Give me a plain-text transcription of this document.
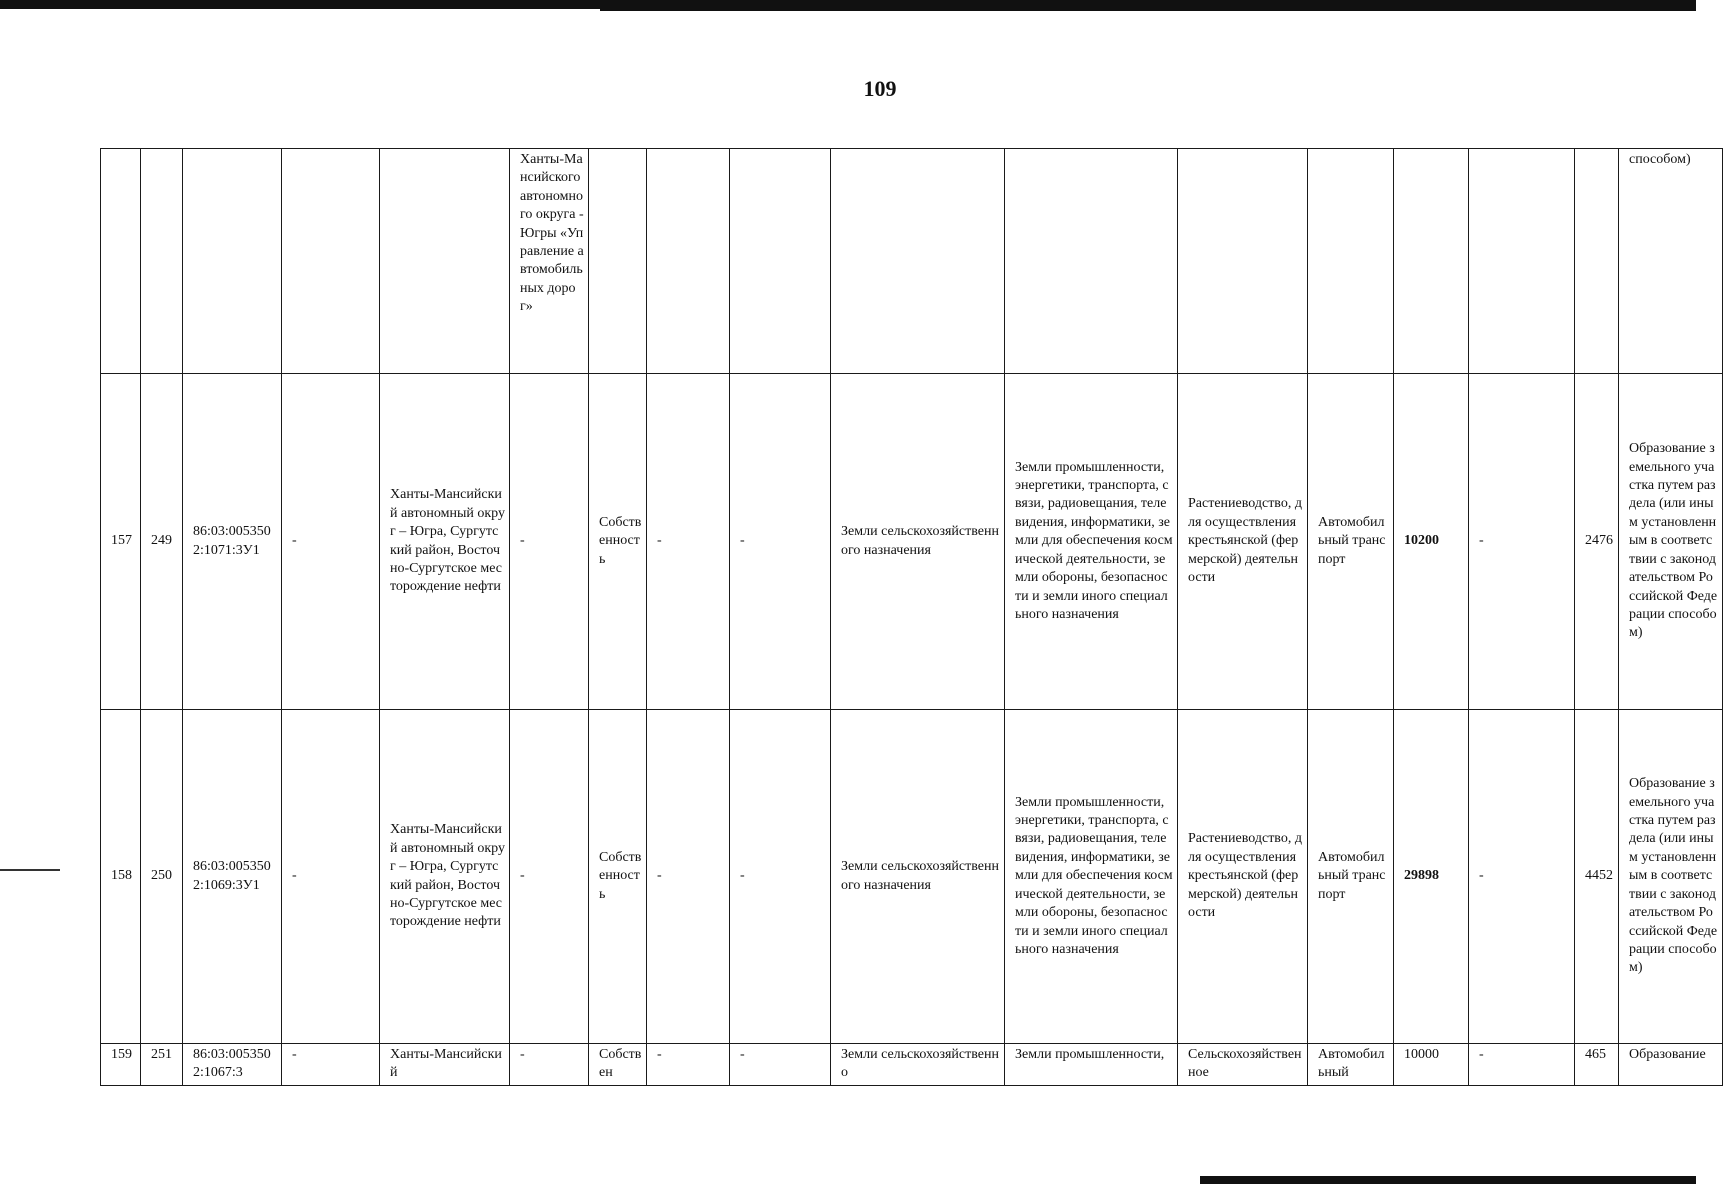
109
					Ханты-Мансийского автономного округа - Югры «Управление автомобильных дорог»											способом)
157	249	86:03:0053502:1071:3У1	-	Ханты-Мансийский автономный округ – Югра, Сургутский район, Восточно-Сургутское месторождение нефти	-	Собственность	-	-	Земли сельскохозяйственного назначения	Земли промышленности, энергетики, транспорта, связи, радиовещания, телевидения, информатики, земли для обеспечения космической деятельности, земли обороны, безопасности и земли иного специального назначения	Растениеводство, для осуществления крестьянской (фермерской) деятельности	Автомобильный транспорт	10200	-	2476	Образование земельного участка путем раздела (или иным установленным в соответствии с законодательством Российской Федерации способом)
158	250	86:03:0053502:1069:3У1	-	Ханты-Мансийский автономный округ – Югра, Сургутский район, Восточно-Сургутское месторождение нефти	-	Собственность	-	-	Земли сельскохозяйственного назначения	Земли промышленности, энергетики, транспорта, связи, радиовещания, телевидения, информатики, земли для обеспечения космической деятельности, земли обороны, безопасности и земли иного специального назначения	Растениеводство, для осуществления крестьянской (фермерской) деятельности	Автомобильный транспорт	29898	-	4452	Образование земельного участка путем раздела (или иным установленным в соответствии с законодательством Российской Федерации способом)
159	251	86:03:0053502:1067:3	-	Ханты-Мансийский	-	Собствен	-	-	Земли сельскохозяйственно	Земли промышленности,	Сельскохозяйственное	Автомобильный	10000	-	465	Образование
